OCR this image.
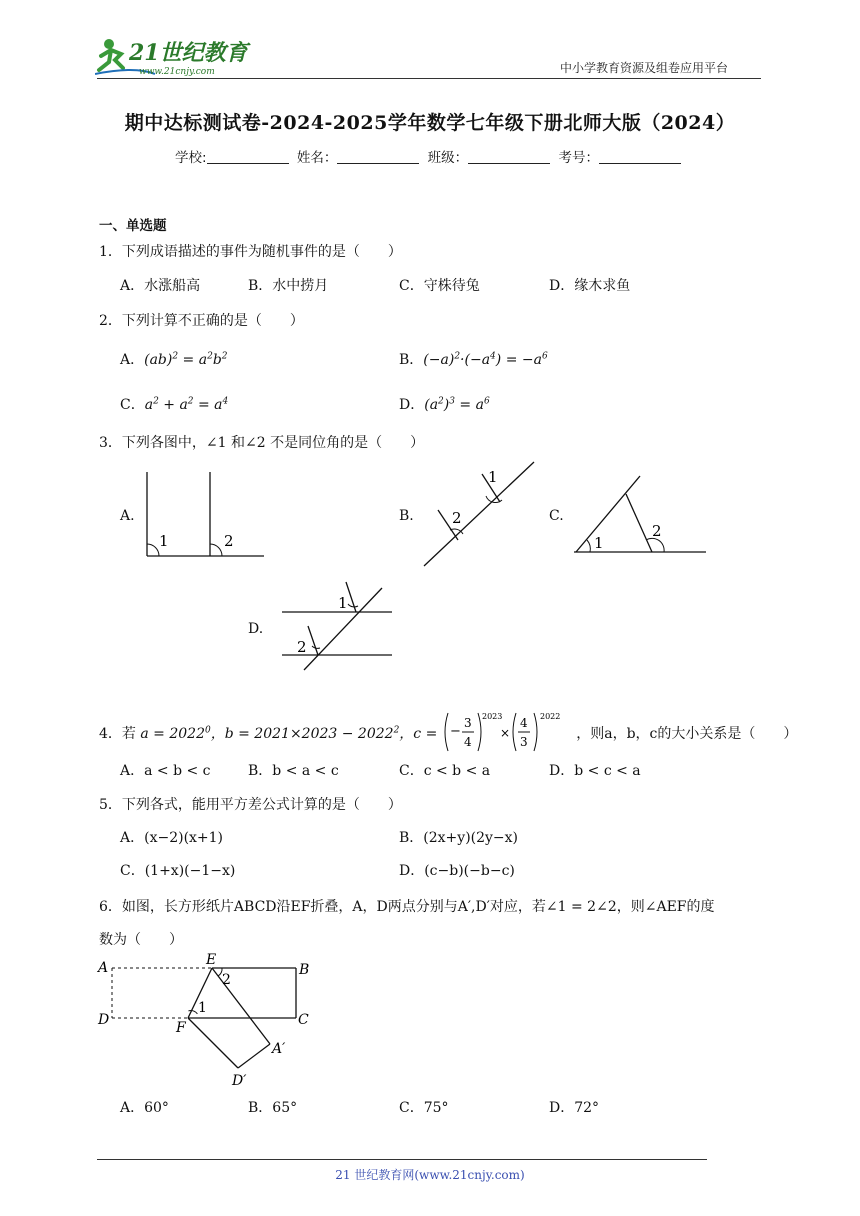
21世纪教育
www.21cnjy.com	中小学教育资源及组卷应用平台
期中达标测试卷-2024-2025学年数学七年级下册北师大版（2024）
学校:	姓名：	班级：	考号：
一、单选题
1．下列成语描述的事件为随机事件的是（　　）
A．水涨船高	B．水中捞月	C．守株待兔	D．缘木求鱼
2．下列计算不正确的是（　　）
A．$(ab)^2 = a^2b^2$	B．$(-a)^2\cdot(-a^4) = -a^6$
C．$a^2 + a^2 = a^4$	D．$(a^2)^3 = a^6$
3．下列各图中，∠1 和∠2 不是同位角的是（　　）
A.	B.	C.
D.
1	2
1
2
1
2
1
2
4．若 $a = 2022^0$，$b = 2021\times 2023 - 2022^2$，c = −
3
4
2023
×
4
3
2022
，则a，b，c的大小关系是（　　）
A．a < b < c	B．b < a < c	C．c < b < a	D．b < c < a
5．下列各式，能用平方差公式计算的是（　　）
A．(x−2)(x+1)	B．(2x+y)(2y−x)
C．(1+x)(−1−x)	D．(c−b)(−b−c)
6．如图，长方形纸片ABCD沿EF折叠，A，D两点分别与A′,D′对应，若∠1 = 2∠2，则∠AEF的度
数为（　　）
A	E
B
D	F	C
A′
D′
2
1
A．60°	B．65°	C．75°	D．72°
21 世纪教育网(www.21cnjy.com)
